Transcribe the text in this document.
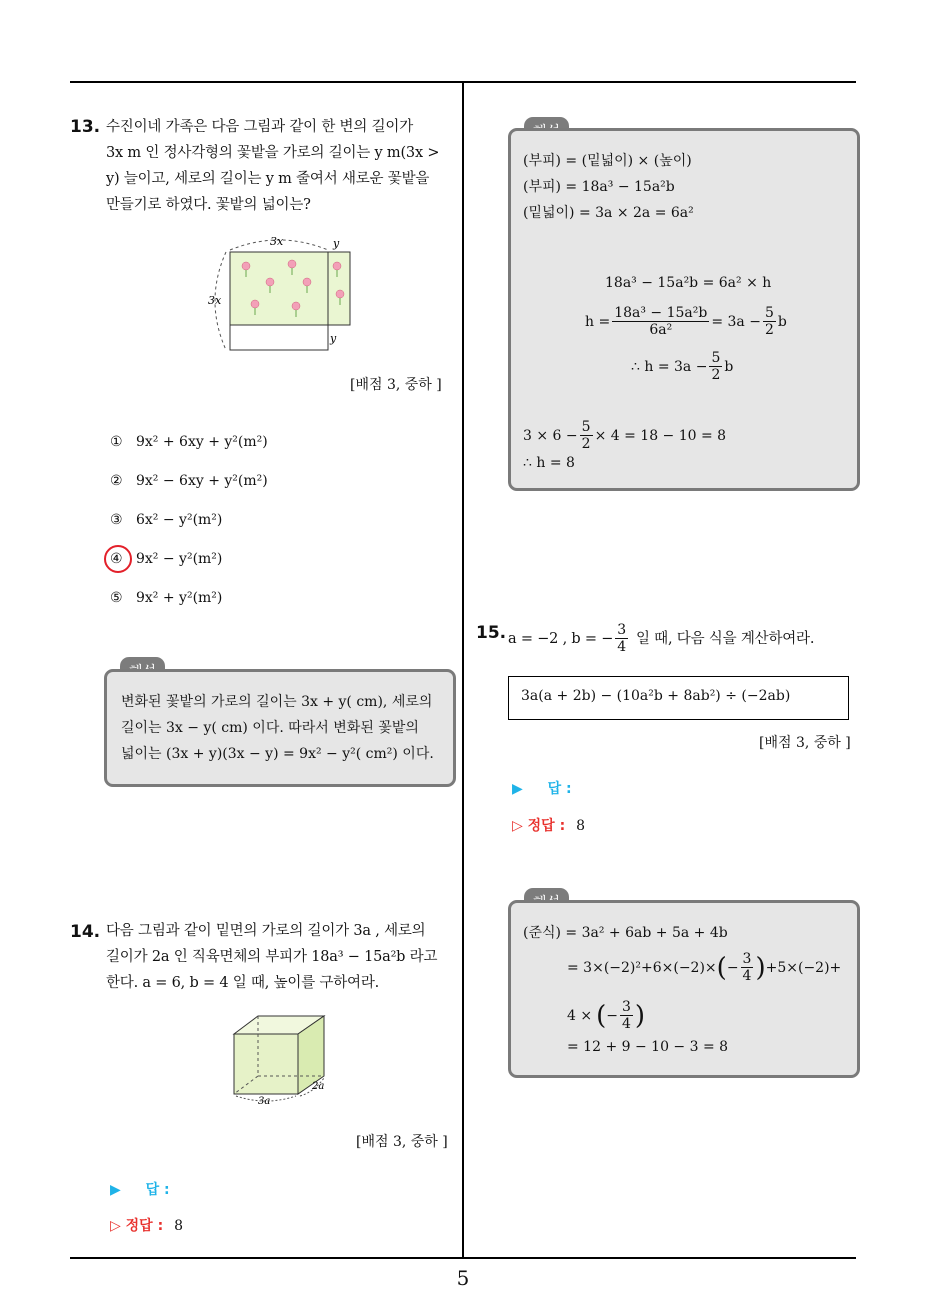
13. 수진이네 가족은 다음 그림과 같이 한 변의 길이가
3x m 인 정사각형의 꽃밭을 가로의 길이는 y m(3x >
y) 늘이고, 세로의 길이는 y m 줄여서 새로운 꽃밭을
만들기로 하였다. 꽃밭의 넓이는?
3x	y
3x
y
[배점 3, 중하 ]
① 9x² + 6xy + y²(m²)
② 9x² − 6xy + y²(m²)
③ 6x² − y²(m²)
④ 9x² − y²(m²)
⑤ 9x² + y²(m²)
변화된 꽃밭의 가로의 길이는 3x + y( cm), 세로의
길이는 3x − y( cm) 이다. 따라서 변화된 꽃밭의
넓이는 (3x + y)(3x − y) = 9x² − y²( cm²) 이다.
14. 다음 그림과 같이 밑면의 가로의 길이가 3a , 세로의
길이가 2a 인 직육면체의 부피가 18a³ − 15a²b 라고
한다. a = 6, b = 4 일 때, 높이를 구하여라.
3a
2a
[배점 3, 중하 ]
▶ 답 :
▷ 정답 : 8
(부피) = (밑넓이) × (높이)
(부피) = 18a³ − 15a²b
(밑넓이) = 3a × 2a = 6a²
18a³ − 15a²b = 6a² × h
$h = \frac{\text{18a³ − 15a²b}}{\text{6a²}} = 3a - \frac{5}{2}$ b
∴ $h = 3a - \frac{5}{2}$ b
$3 \times 6 - \frac{5}{2} \times 4 = 18 - 10 = 8$
∴ h = 8
15. a = −2 , b = − $\frac{3}{4}$ 일 때, 다음 식을 계산하여라.
3a(a + 2b) − (10a²b + 8ab²) ÷ (−2ab)
[배점 3, 중하 ]
▶ 답 :
▷ 정답 : 8
(준식) = 3a² + 6ab + 5a + 4b
= 3×(−2)²+6×(−2)× ( − $\frac{3}{4}$ ) +5×(−2)+
4 × ( − $\frac{3}{4}$ )
= 12 + 9 − 10 − 3 = 8
5
